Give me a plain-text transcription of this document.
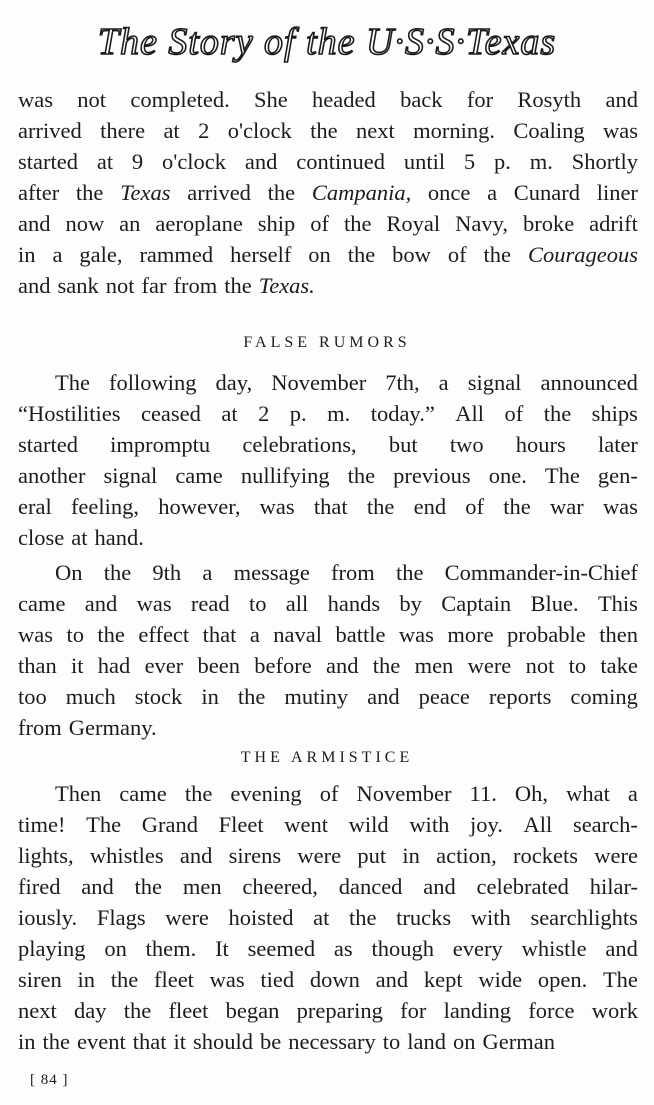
The Story of the U·S·S·Texas
was not completed. She headed back for Rosyth and
arrived there at 2 o'clock the next morning. Coaling was
started at 9 o'clock and continued until 5 p. m. Shortly
after the Texas arrived the Campania, once a Cunard liner
and now an aeroplane ship of the Royal Navy, broke adrift
in a gale, rammed herself on the bow of the Courageous
and sank not far from the Texas.
FALSE RUMORS
The following day, November 7th, a signal announced
“Hostilities ceased at 2 p. m. today.” All of the ships
started impromptu celebrations, but two hours later
another signal came nullifying the previous one. The gen-
eral feeling, however, was that the end of the war was
close at hand.
On the 9th a message from the Commander-in-Chief
came and was read to all hands by Captain Blue. This
was to the effect that a naval battle was more probable then
than it had ever been before and the men were not to take
too much stock in the mutiny and peace reports coming
from Germany.
THE ARMISTICE
Then came the evening of November 11. Oh, what a
time! The Grand Fleet went wild with joy. All search-
lights, whistles and sirens were put in action, rockets were
fired and the men cheered, danced and celebrated hilar-
iously. Flags were hoisted at the trucks with searchlights
playing on them. It seemed as though every whistle and
siren in the fleet was tied down and kept wide open. The
next day the fleet began preparing for landing force work
in the event that it should be necessary to land on German
[ 84 ]
